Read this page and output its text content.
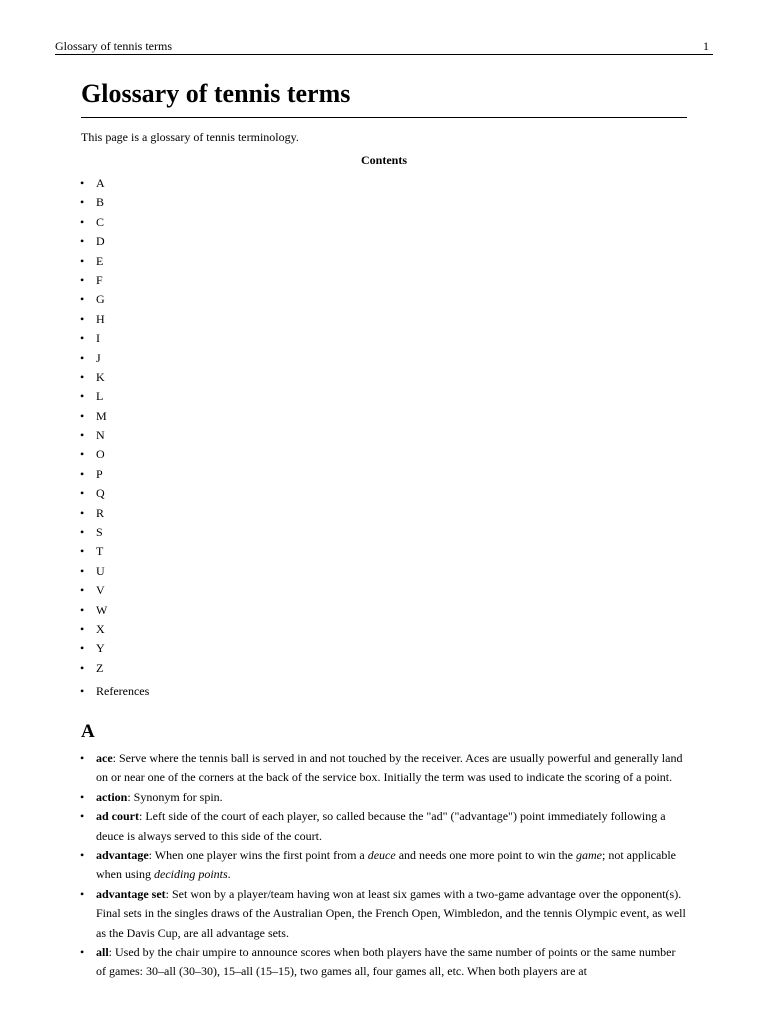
Glossary of tennis terms	1
Glossary of tennis terms
This page is a glossary of tennis terminology.
Contents
• A
• B
• C
• D
• E
• F
• G
• H
• I
• J
• K
• L
• M
• N
• O
• P
• Q
• R
• S
• T
• U
• V
• W
• X
• Y
• Z
• References
A
• ace: Serve where the tennis ball is served in and not touched by the receiver. Aces are usually powerful and generally land on or near one of the corners at the back of the service box. Initially the term was used to indicate the scoring of a point.
• action: Synonym for spin.
• ad court: Left side of the court of each player, so called because the "ad" ("advantage") point immediately following a deuce is always served to this side of the court.
• advantage: When one player wins the first point from a deuce and needs one more point to win the game; not applicable when using deciding points.
• advantage set: Set won by a player/team having won at least six games with a two-game advantage over the opponent(s). Final sets in the singles draws of the Australian Open, the French Open, Wimbledon, and the tennis Olympic event, as well as the Davis Cup, are all advantage sets.
• all: Used by the chair umpire to announce scores when both players have the same number of points or the same number of games: 30–all (30–30), 15–all (15–15), two games all, four games all, etc. When both players are at
